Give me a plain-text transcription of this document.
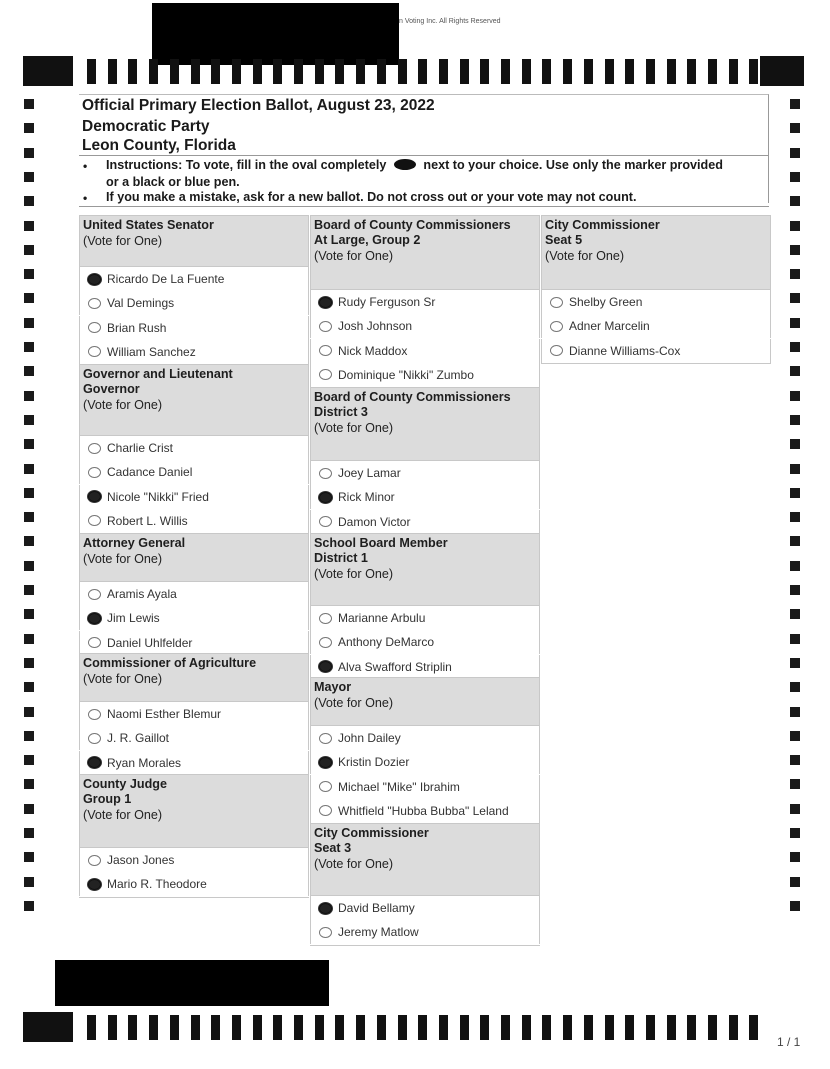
n Voting Inc. All Rights Reserved
Official Primary Election Ballot, August 23, 2022
Democratic Party
Leon County, Florida
• Instructions: To vote, fill in the oval completely	next to your choice. Use only the marker provided
or a black or blue pen.
• If you make a mistake, ask for a new ballot. Do not cross out or your vote may not count.
United States Senator
(Vote for One)
Ricardo De La Fuente
Val Demings
Brian Rush
William Sanchez
Governor and Lieutenant
Governor
(Vote for One)
Charlie Crist
Cadance Daniel
Nicole "Nikki" Fried
Robert L. Willis
Attorney General
(Vote for One)
Aramis Ayala
Jim Lewis
Daniel Uhlfelder
Commissioner of Agriculture
(Vote for One)
Naomi Esther Blemur
J. R. Gaillot
Ryan Morales
County Judge
Group 1
(Vote for One)
Jason Jones
Mario R. Theodore
Board of County Commissioners
At Large, Group 2
(Vote for One)
Rudy Ferguson Sr
Josh Johnson
Nick Maddox
Dominique "Nikki" Zumbo
Board of County Commissioners
District 3
(Vote for One)
Joey Lamar
Rick Minor
Damon Victor
School Board Member
District 1
(Vote for One)
Marianne Arbulu
Anthony DeMarco
Alva Swafford Striplin
Mayor
(Vote for One)
John Dailey
Kristin Dozier
Michael "Mike" Ibrahim
Whitfield "Hubba Bubba" Leland
City Commissioner
Seat 3
(Vote for One)
David Bellamy
Jeremy Matlow
City Commissioner
Seat 5
(Vote for One)
Shelby Green
Adner Marcelin
Dianne Williams-Cox
1 / 1
